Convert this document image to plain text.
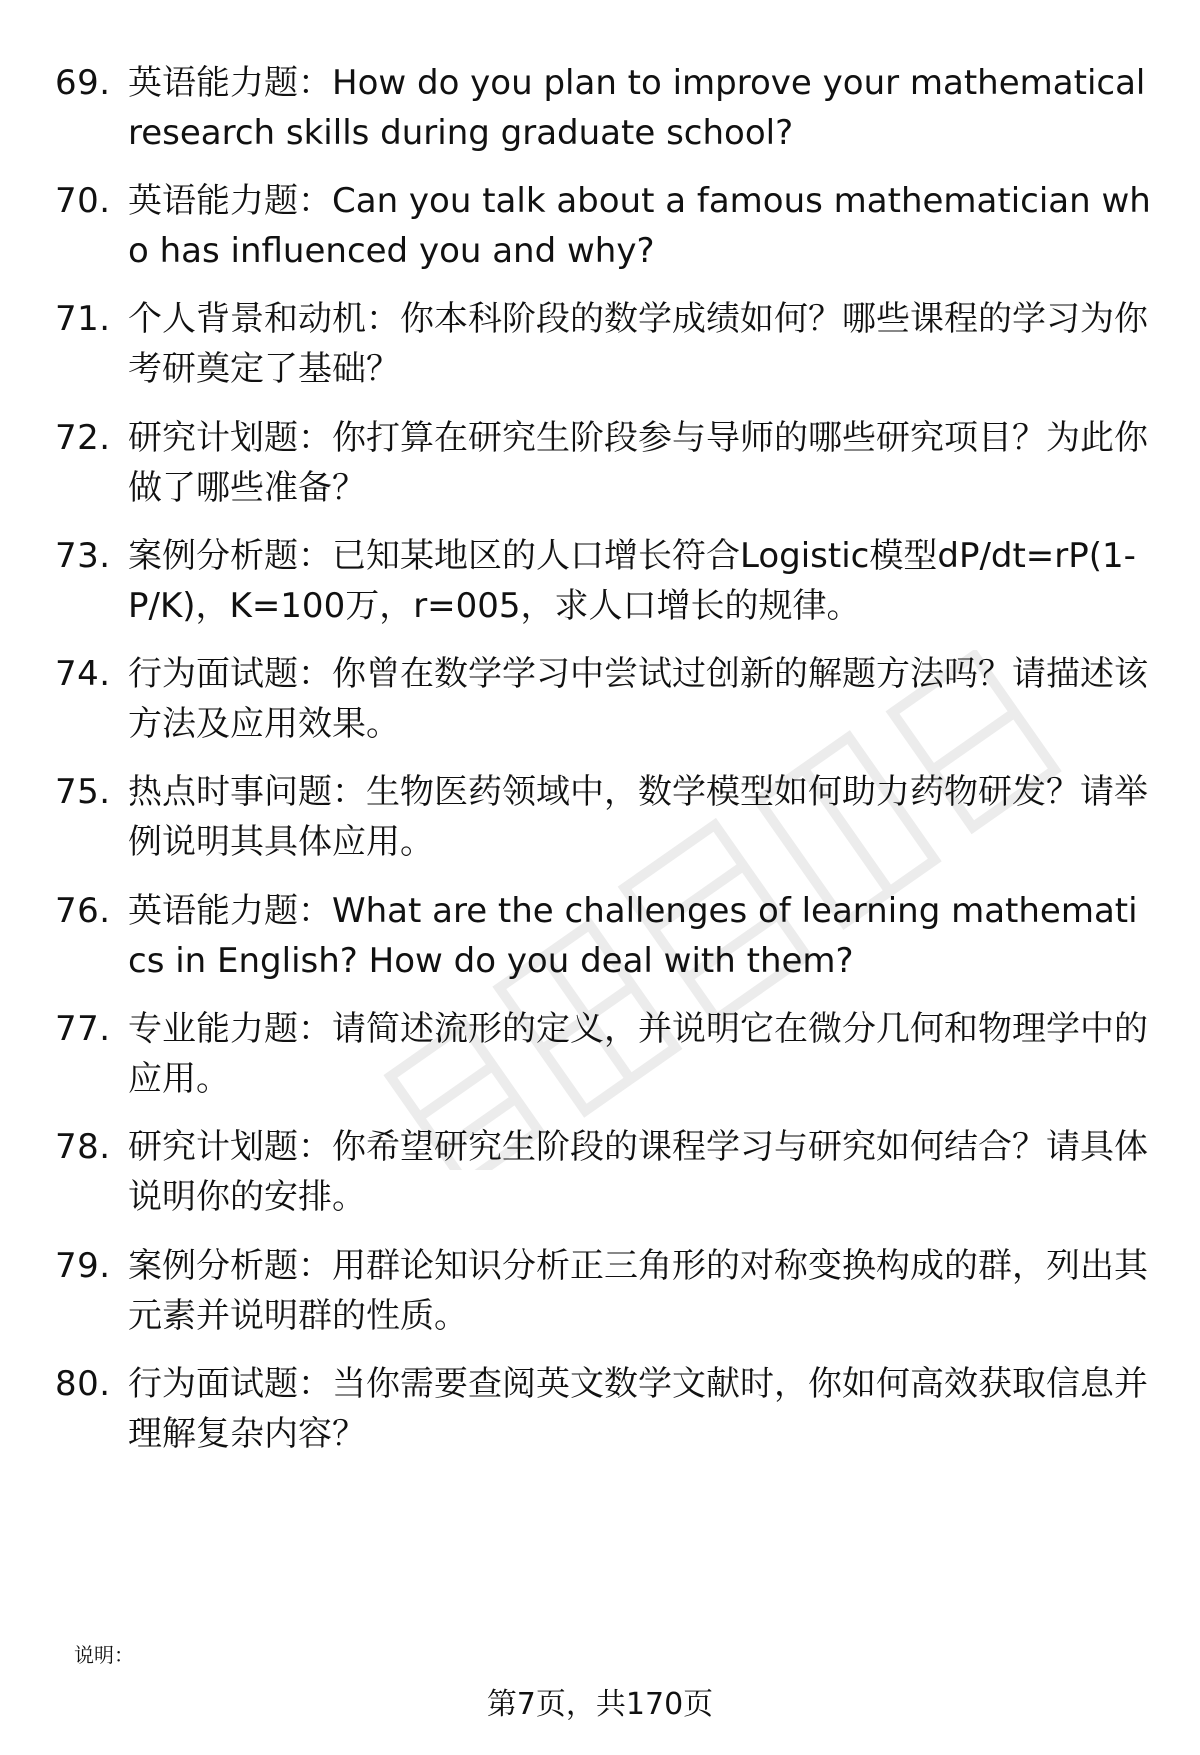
69. 英语能力题：How do you plan to improve your mathematical research skills during graduate school?
70. 英语能力题：Can you talk about a famous mathematician who has influenced you and why?
71. 个人背景和动机：你本科阶段的数学成绩如何？哪些课程的学习为你考研奠定了基础？
72. 研究计划题：你打算在研究生阶段参与导师的哪些研究项目？为此你做了哪些准备？
73. 案例分析题：已知某地区的人口增长符合Logistic模型dP/dt=rP(1-P/K)，K=100万，r=005，求人口增长的规律。
74. 行为面试题：你曾在数学学习中尝试过创新的解题方法吗？请描述该方法及应用效果。
75. 热点时事问题：生物医药领域中，数学模型如何助力药物研发？请举例说明其具体应用。
76. 英语能力题：What are the challenges of learning mathematics in English? How do you deal with them?
77. 专业能力题：请简述流形的定义，并说明它在微分几何和物理学中的应用。
78. 研究计划题：你希望研究生阶段的课程学习与研究如何结合？请具体说明你的安排。
79. 案例分析题：用群论知识分析正三角形的对称变换构成的群，列出其元素并说明群的性质。
80. 行为面试题：当你需要查阅英文数学文献时，你如何高效获取信息并理解复杂内容？
说明：
第7页，共170页
